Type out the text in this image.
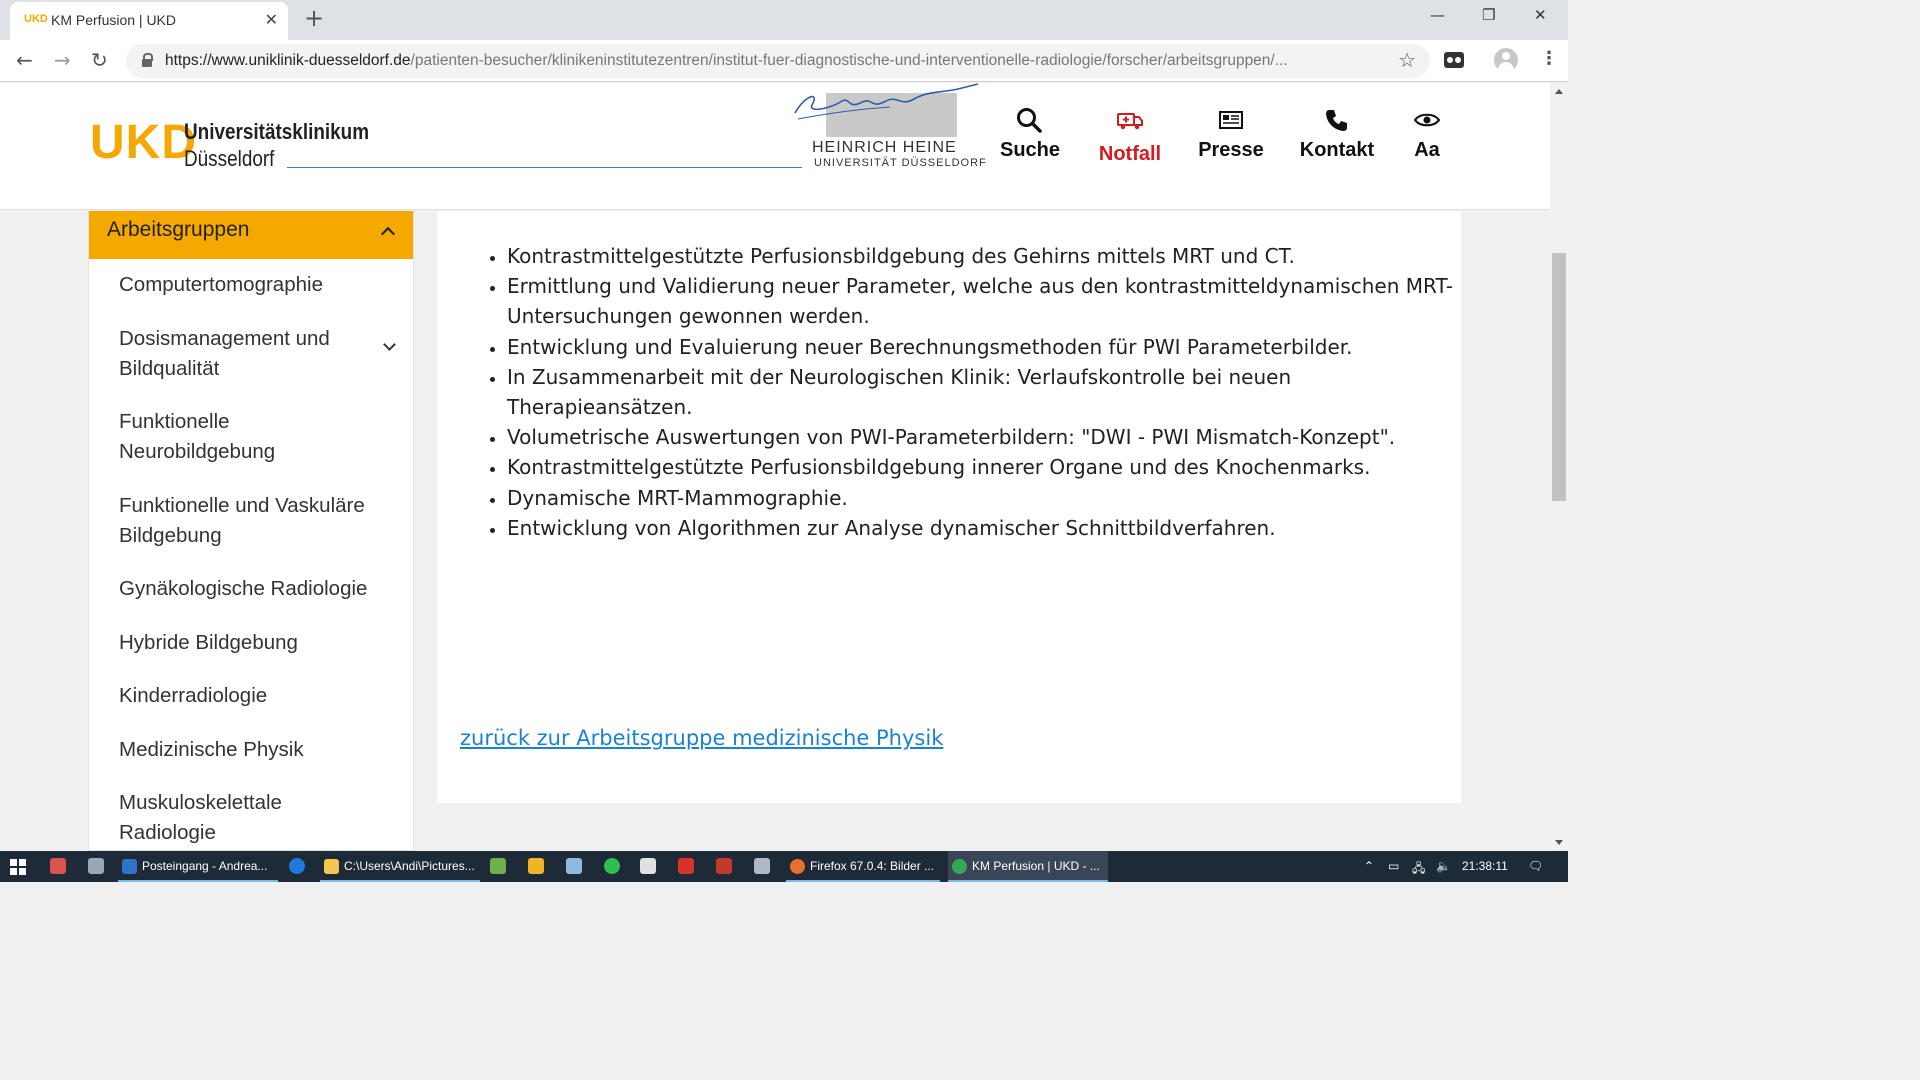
UKD KM Perfusion | UKD	✕ +	— ❐	✕
← → ↻	https://www.uniklinik-duesseldorf.de/patienten-besucher/klinikeninstitutezentren/institut-fuer-diagnostische-und-interventionelle-radiologie/forscher/arbeitsgruppen/...	☆	⋮
UKD
Universitätsklinikum
Düsseldorf	HEINRICH HEINE
UNIVERSITÄT DÜSSELDORF
Suche Notfall Presse Kontakt Aa
Arbeitsgruppen
Computertomographie
Dosismanagement und Bildqualität
Funktionelle Neurobildgebung
Funktionelle und Vaskuläre Bildgebung
Gynäkologische Radiologie
Hybride Bildgebung
Kinderradiologie
Medizinische Physik
Muskuloskelettale Radiologie
• Kontrastmittelgestützte Perfusionsbildgebung des Gehirns mittels MRT und CT.
• Ermittlung und Validierung neuer Parameter, welche aus den kontrastmitteldynamischen MRT-Untersuchungen gewonnen werden.
• Entwicklung und Evaluierung neuer Berechnungsmethoden für PWI Parameterbilder.
• In Zusammenarbeit mit der Neurologischen Klinik: Verlaufskontrolle bei neuen Therapieansätzen.
• Volumetrische Auswertungen von PWI-Parameterbildern: "DWI - PWI Mismatch-Konzept".
• Kontrastmittelgestützte Perfusionsbildgebung innerer Organe und des Knochenmarks.
• Dynamische MRT-Mammographie.
• Entwicklung von Algorithmen zur Analyse dynamischer Schnittbildverfahren.
zurück zur Arbeitsgruppe medizinische Physik
Posteingang - Andrea...	C:\Users\Andi\Pictures...	Firefox 67.0.4: Bilder ...	KM Perfusion | UKD - ...	⌃ ▭ 🖧 🔈 21:38:11 🗨
